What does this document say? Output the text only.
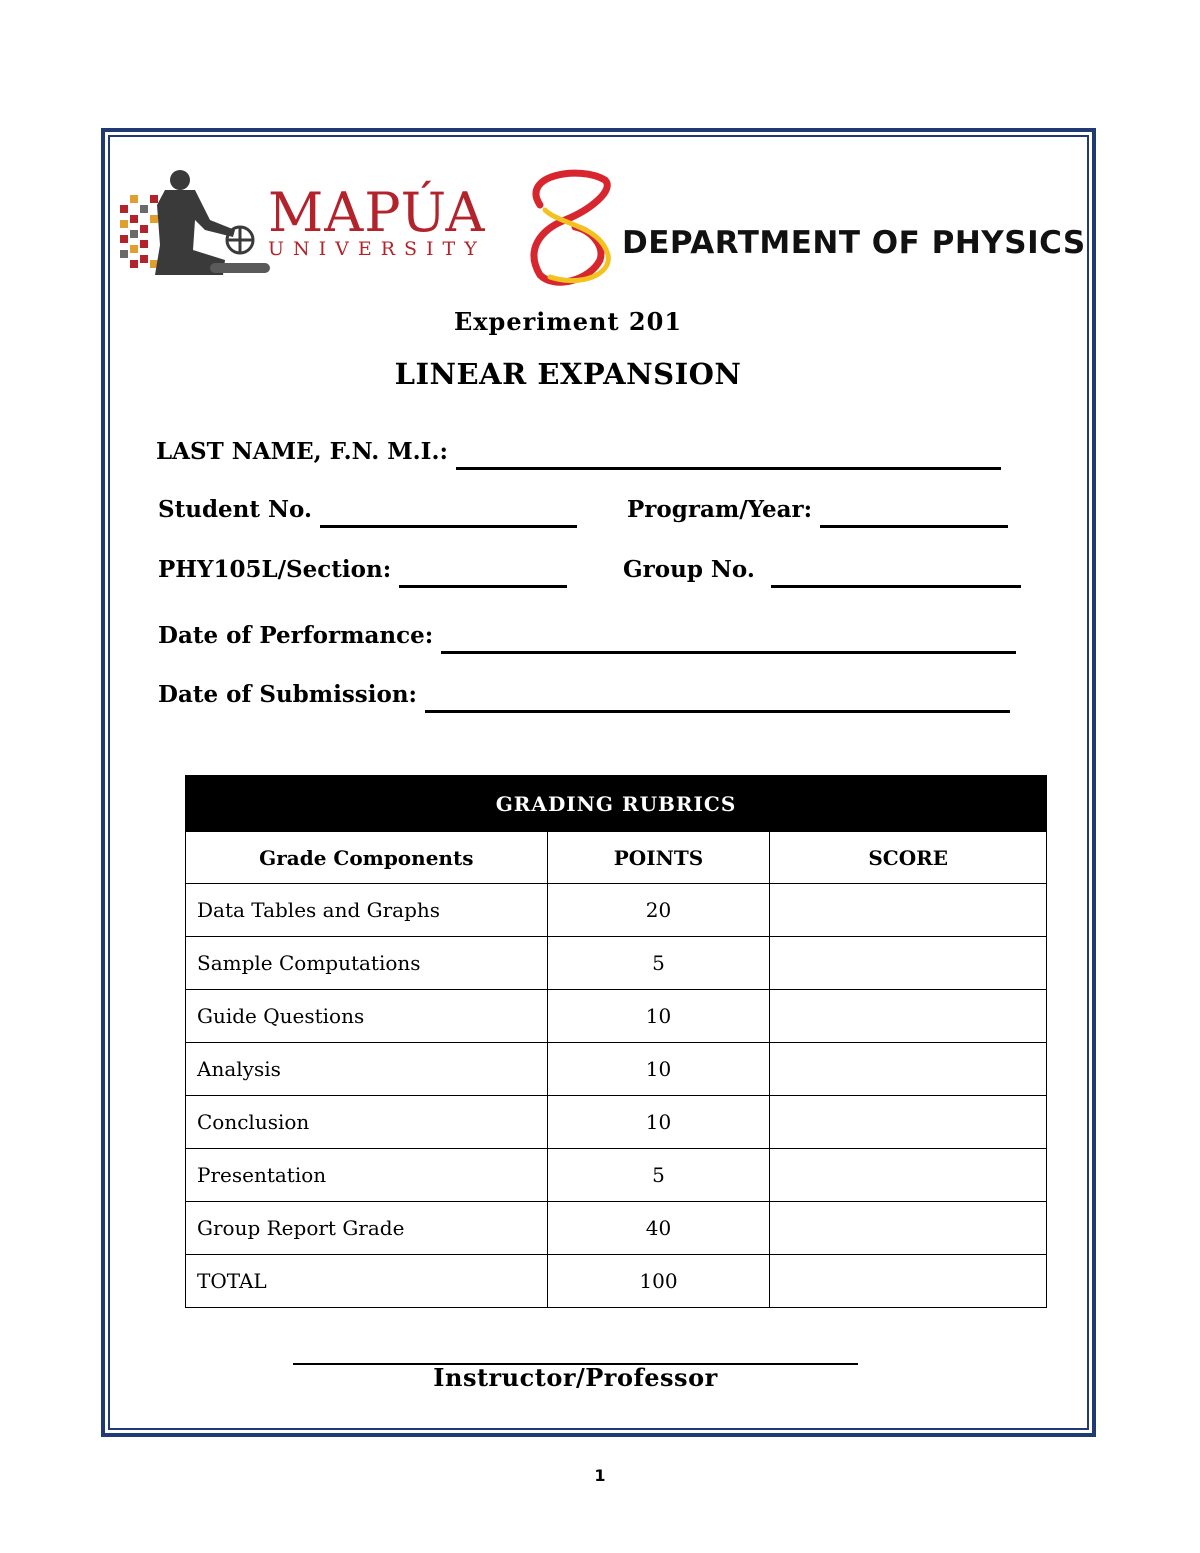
MAPÚA
UNIVERSITY	DEPARTMENT OF PHYSICS
Experiment 201
LINEAR EXPANSION
LAST NAME, F.N. M.I.:
Student No.	Program/Year:
PHY105L/Section:	Group No.
Date of Performance:
Date of Submission:
GRADING RUBRICS		
Grade Components	POINTS	SCORE
Data Tables and Graphs	20	
Sample Computations	5	
Guide Questions	10	
Analysis	10	
Conclusion	10	
Presentation	5	
Group Report Grade	40	
TOTAL	100	
Instructor/Professor
1
